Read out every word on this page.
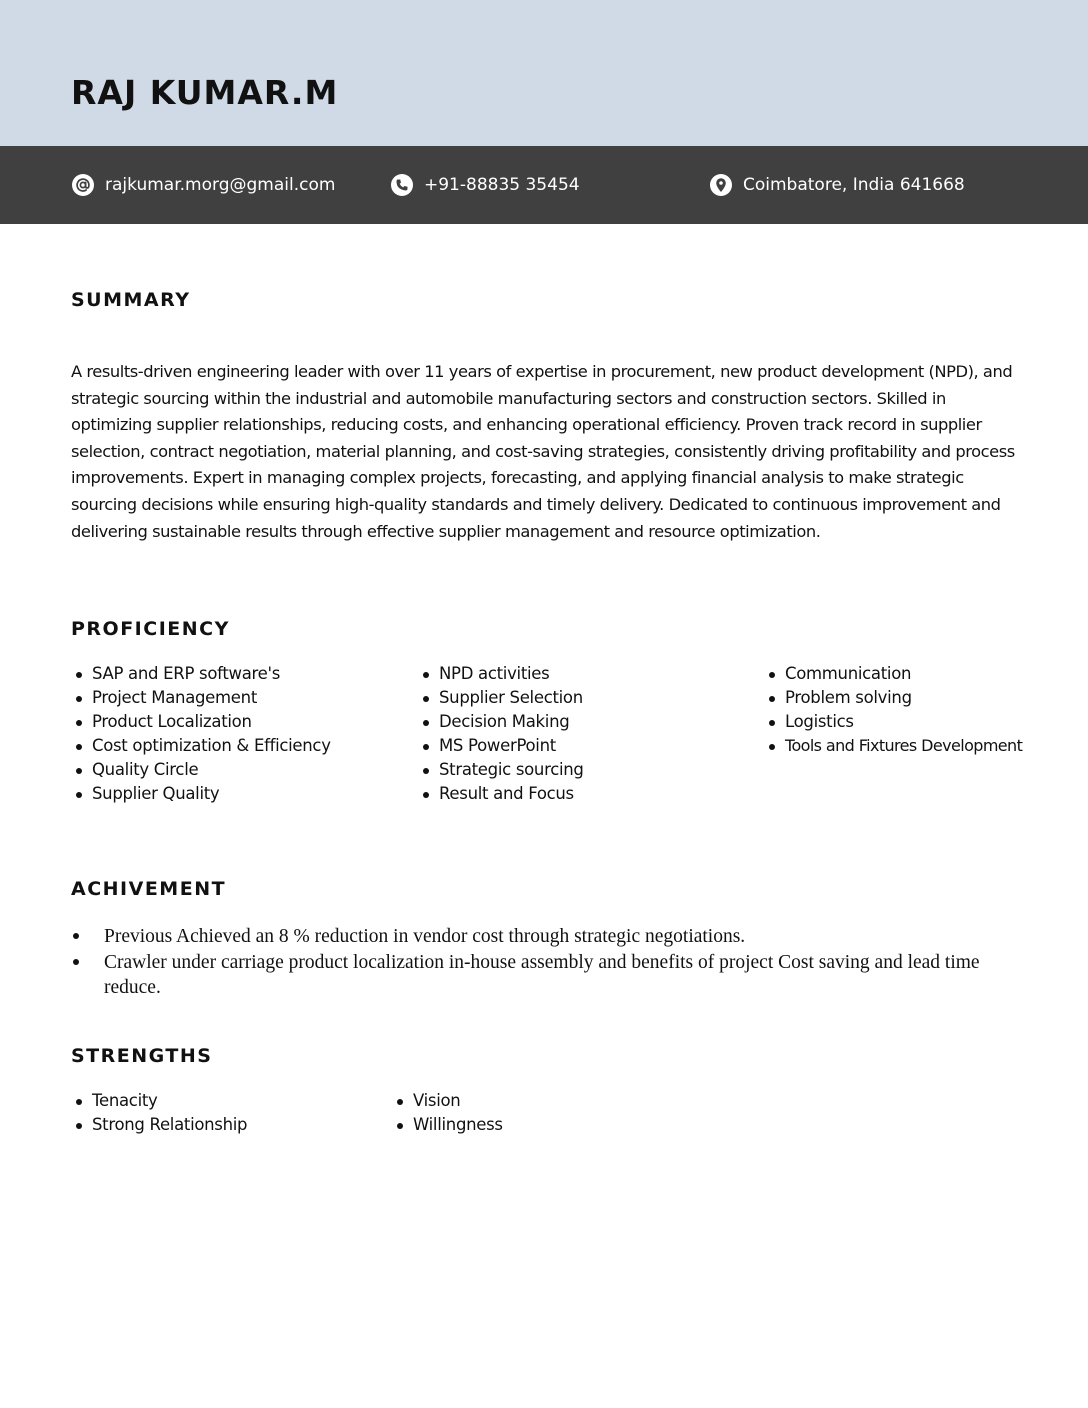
RAJ KUMAR.M
rajkumar.morg@gmail.com	+91-88835 35454	Coimbatore, India 641668
SUMMARY

A results-driven engineering leader with over 11 years of expertise in procurement, new product development (NPD), and strategic sourcing within the industrial and automobile manufacturing sectors and construction sectors. Skilled in optimizing supplier relationships, reducing costs, and enhancing operational efficiency. Proven track record in supplier selection, contract negotiation, material planning, and cost-saving strategies, consistently driving profitability and process improvements. Expert in managing complex projects, forecasting, and applying financial analysis to make strategic sourcing decisions while ensuring high-quality standards and timely delivery. Dedicated to continuous improvement and delivering sustainable results through effective supplier management and resource optimization.

PROFICIENCY
SAP and ERP software's
Project Management
Product Localization
Cost optimization & Efficiency
Quality Circle
Supplier Quality
NPD activities
Supplier Selection
Decision Making
MS PowerPoint
Strategic sourcing
Result and Focus
Communication
Problem solving
Logistics
Tools and Fixtures Development
ACHIVEMENT
Previous Achieved an 8 % reduction in vendor cost through strategic negotiations.
Crawler under carriage product localization in-house assembly and benefits of project Cost saving and lead time reduce.
STRENGTHS
Tenacity
Strong Relationship
Vision
Willingness
